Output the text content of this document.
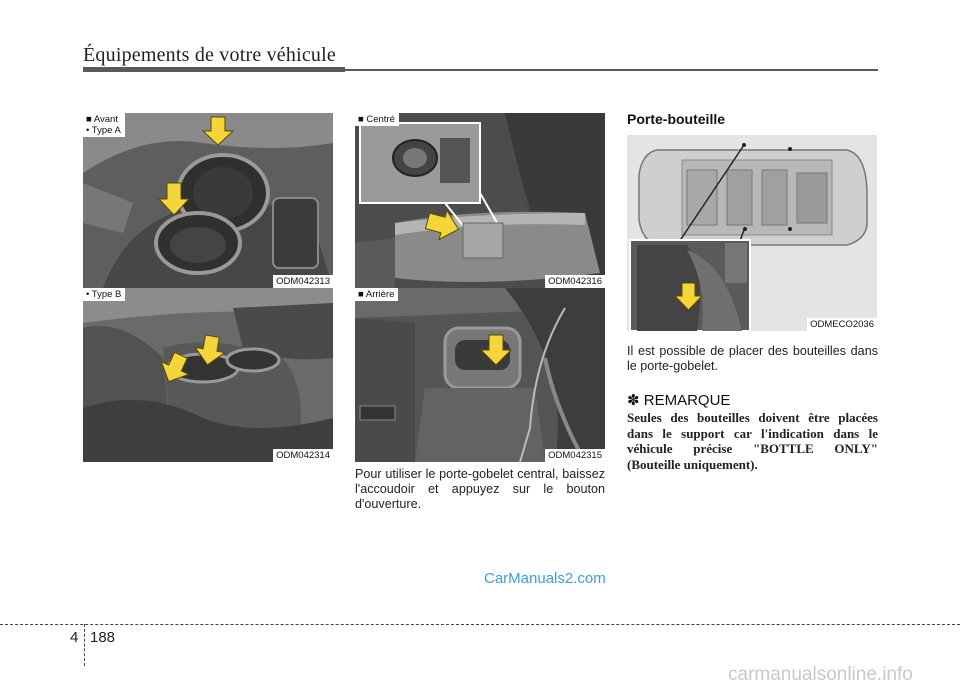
Équipements de votre véhicule
■ Avant
• Type A
ODM042313
• Type B
ODM042314
■ Centré
ODM042316
■ Arrière
ODM042315
Pour utiliser le porte-gobelet central, baissez l'accoudoir et appuyez sur le bouton d'ouverture.
Porte-bouteille
ODMECO2036
Il est possible de placer des bouteilles dans le porte-gobelet.
✽ REMARQUE
Seules des bouteilles doivent être placées dans le support car l'indication dans le véhicule précise "BOTTLE ONLY" (Bouteille uniquement).
CarManuals2.com
4 188
carmanualsonline.info
